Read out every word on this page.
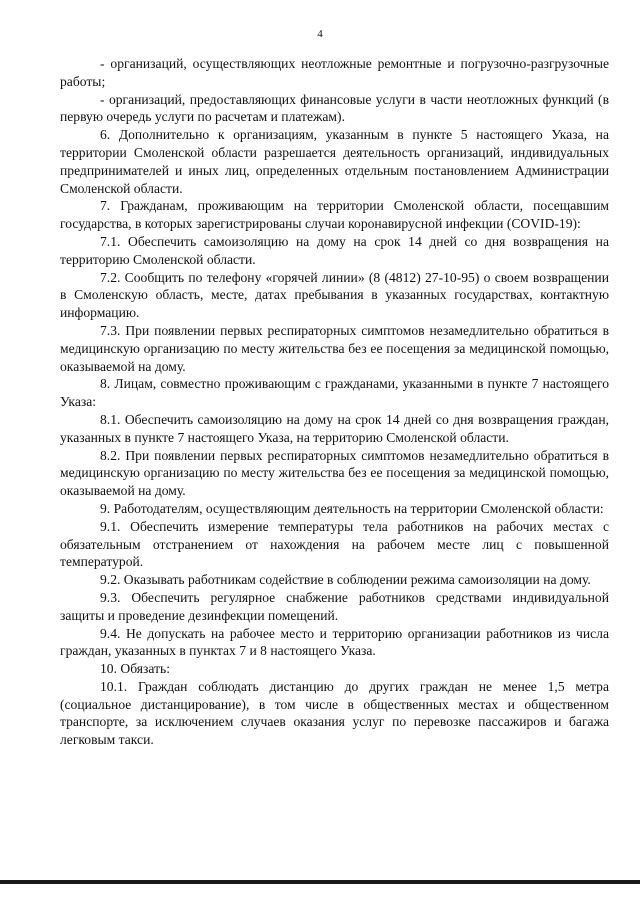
4

- организаций, осуществляющих неотложные ремонтные и погрузочно-разгрузочные работы;

- организаций, предоставляющих финансовые услуги в части неотложных функций (в первую очередь услуги по расчетам и платежам).

6. Дополнительно к организациям, указанным в пункте 5 настоящего Указа, на территории Смоленской области разрешается деятельность организаций, индивидуальных предпринимателей и иных лиц, определенных отдельным постановлением Администрации Смоленской области.

7. Гражданам, проживающим на территории Смоленской области, посещавшим государства, в которых зарегистрированы случаи коронавирусной инфекции (COVID-19):

7.1. Обеспечить самоизоляцию на дому на срок 14 дней со дня возвращения на территорию Смоленской области.

7.2. Сообщить по телефону «горячей линии» (8 (4812) 27-10-95) о своем возвращении в Смоленскую область, месте, датах пребывания в указанных государствах, контактную информацию.

7.3. При появлении первых респираторных симптомов незамедлительно обратиться в медицинскую организацию по месту жительства без ее посещения за медицинской помощью, оказываемой на дому.

8. Лицам, совместно проживающим с гражданами, указанными в пункте 7 настоящего Указа:

8.1. Обеспечить самоизоляцию на дому на срок 14 дней со дня возвращения граждан, указанных в пункте 7 настоящего Указа, на территорию Смоленской области.

8.2. При появлении первых респираторных симптомов незамедлительно обратиться в медицинскую организацию по месту жительства без ее посещения за медицинской помощью, оказываемой на дому.

9. Работодателям, осуществляющим деятельность на территории Смоленской области:

9.1. Обеспечить измерение температуры тела работников на рабочих местах с обязательным отстранением от нахождения на рабочем месте лиц с повышенной температурой.

9.2. Оказывать работникам содействие в соблюдении режима самоизоляции на дому.

9.3. Обеспечить регулярное снабжение работников средствами индивидуальной защиты и проведение дезинфекции помещений.

9.4. Не допускать на рабочее место и территорию организации работников из числа граждан, указанных в пунктах 7 и 8 настоящего Указа.

10. Обязать:

10.1. Граждан соблюдать дистанцию до других граждан не менее 1,5 метра (социальное дистанцирование), в том числе в общественных местах и общественном транспорте, за исключением случаев оказания услуг по перевозке пассажиров и багажа легковым такси.
